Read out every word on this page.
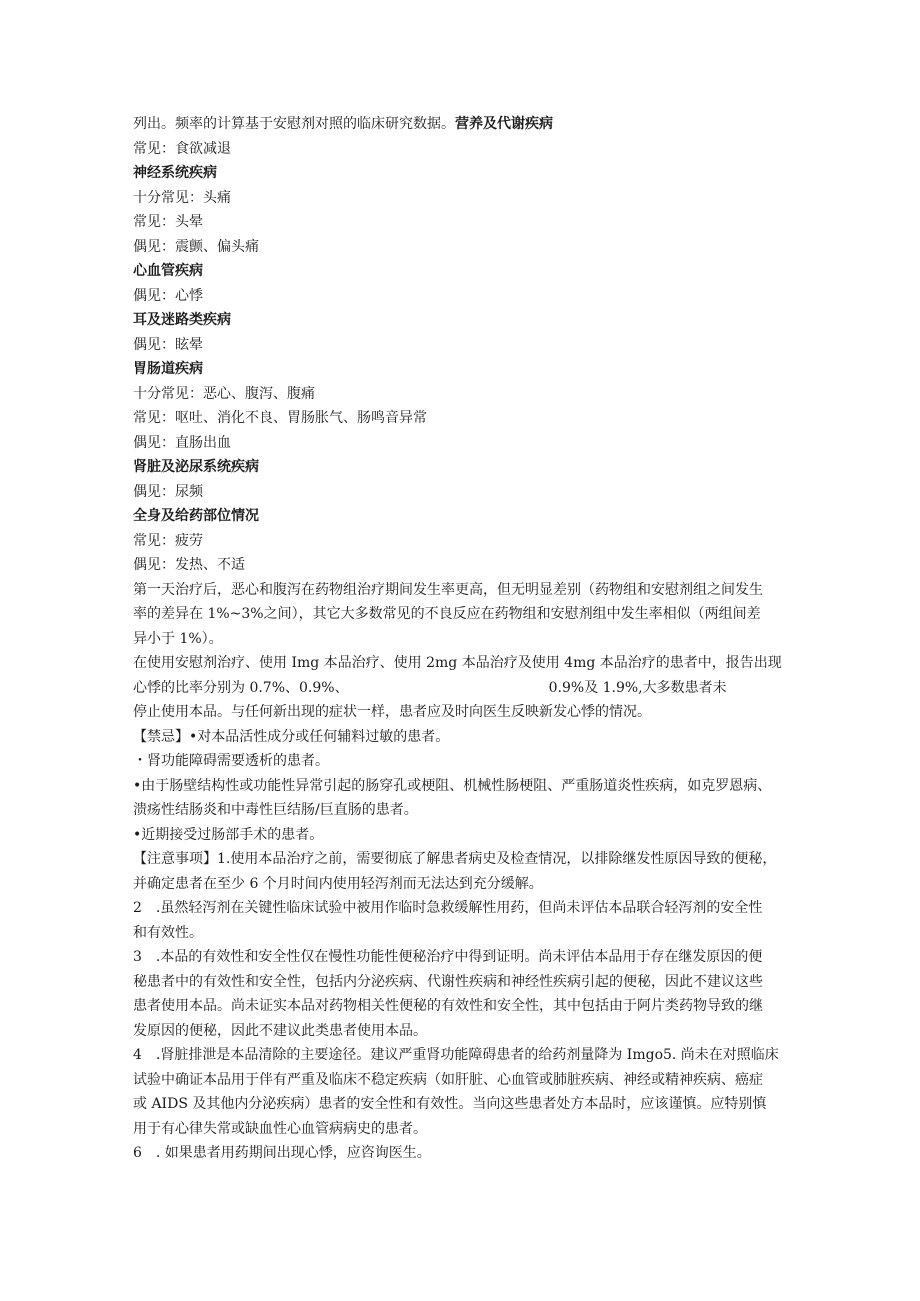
列出。频率的计算基于安慰剂对照的临床研究数据。营养及代谢疾病
常见：食欲减退
神经系统疾病
十分常见：头痛
常见：头晕
偶见：震颤、偏头痛
心血管疾病
偶见：心悸
耳及迷路类疾病
偶见：眩晕
胃肠道疾病
十分常见：恶心、腹泻、腹痛
常见：呕吐、消化不良、胃肠胀气、肠鸣音异常
偶见：直肠出血
肾脏及泌尿系统疾病
偶见：尿频
全身及给药部位情况
常见：疲劳
偶见：发热、不适
第一天治疗后，恶心和腹泻在药物组治疗期间发生率更高，但无明显差别（药物组和安慰剂组之间发生
率的差异在 1%~3%之间），其它大多数常见的不良反应在药物组和安慰剂组中发生率相似（两组间差
异小于 1%）。
在使用安慰剂治疗、使用 Img 本品治疗、使用 2mg 本品治疗及使用 4mg 本品治疗的患者中，报告出现
心悸的比率分别为 0.7%、0.9%、	0.9%及 1.9%,大多数患者未
停止使用本品。与任何新出现的症状一样，患者应及时向医生反映新发心悸的情况。
【禁忌】•对本品活性成分或任何辅料过敏的患者。
・肾功能障碍需要透析的患者。
•由于肠壁结构性或功能性异常引起的肠穿孔或梗阻、机械性肠梗阻、严重肠道炎性疾病，如克罗恩病、
溃疡性结肠炎和中毒性巨结肠/巨直肠的患者。
•近期接受过肠部手术的患者。
【注意事项】1.使用本品治疗之前，需要彻底了解患者病史及检查情况，以排除继发性原因导致的便秘，
并确定患者在至少 6 个月时间内使用轻泻剂而无法达到充分缓解。
2　.虽然轻泻剂在关键性临床试验中被用作临时急救缓解性用药，但尚未评估本品联合轻泻剂的安全性
和有效性。
3　.本品的有效性和安全性仅在慢性功能性便秘治疗中得到证明。尚未评估本品用于存在继发原因的便
秘患者中的有效性和安全性，包括内分泌疾病、代谢性疾病和神经性疾病引起的便秘，因此不建议这些
患者使用本品。尚未证实本品对药物相关性便秘的有效性和安全性，其中包括由于阿片类药物导致的继
发原因的便秘，因此不建议此类患者使用本品。
4　.肾脏排泄是本品清除的主要途径。建议严重肾功能障碍患者的给药剂量降为 Imgo5. 尚未在对照临床
试验中确证本品用于伴有严重及临床不稳定疾病（如肝脏、心血管或肺脏疾病、神经或精神疾病、癌症
或 AIDS 及其他内分泌疾病）患者的安全性和有效性。当向这些患者处方本品时，应该谨慎。应特别慎
用于有心律失常或缺血性心血管病病史的患者。
6　. 如果患者用药期间出现心悸，应咨询医生。
